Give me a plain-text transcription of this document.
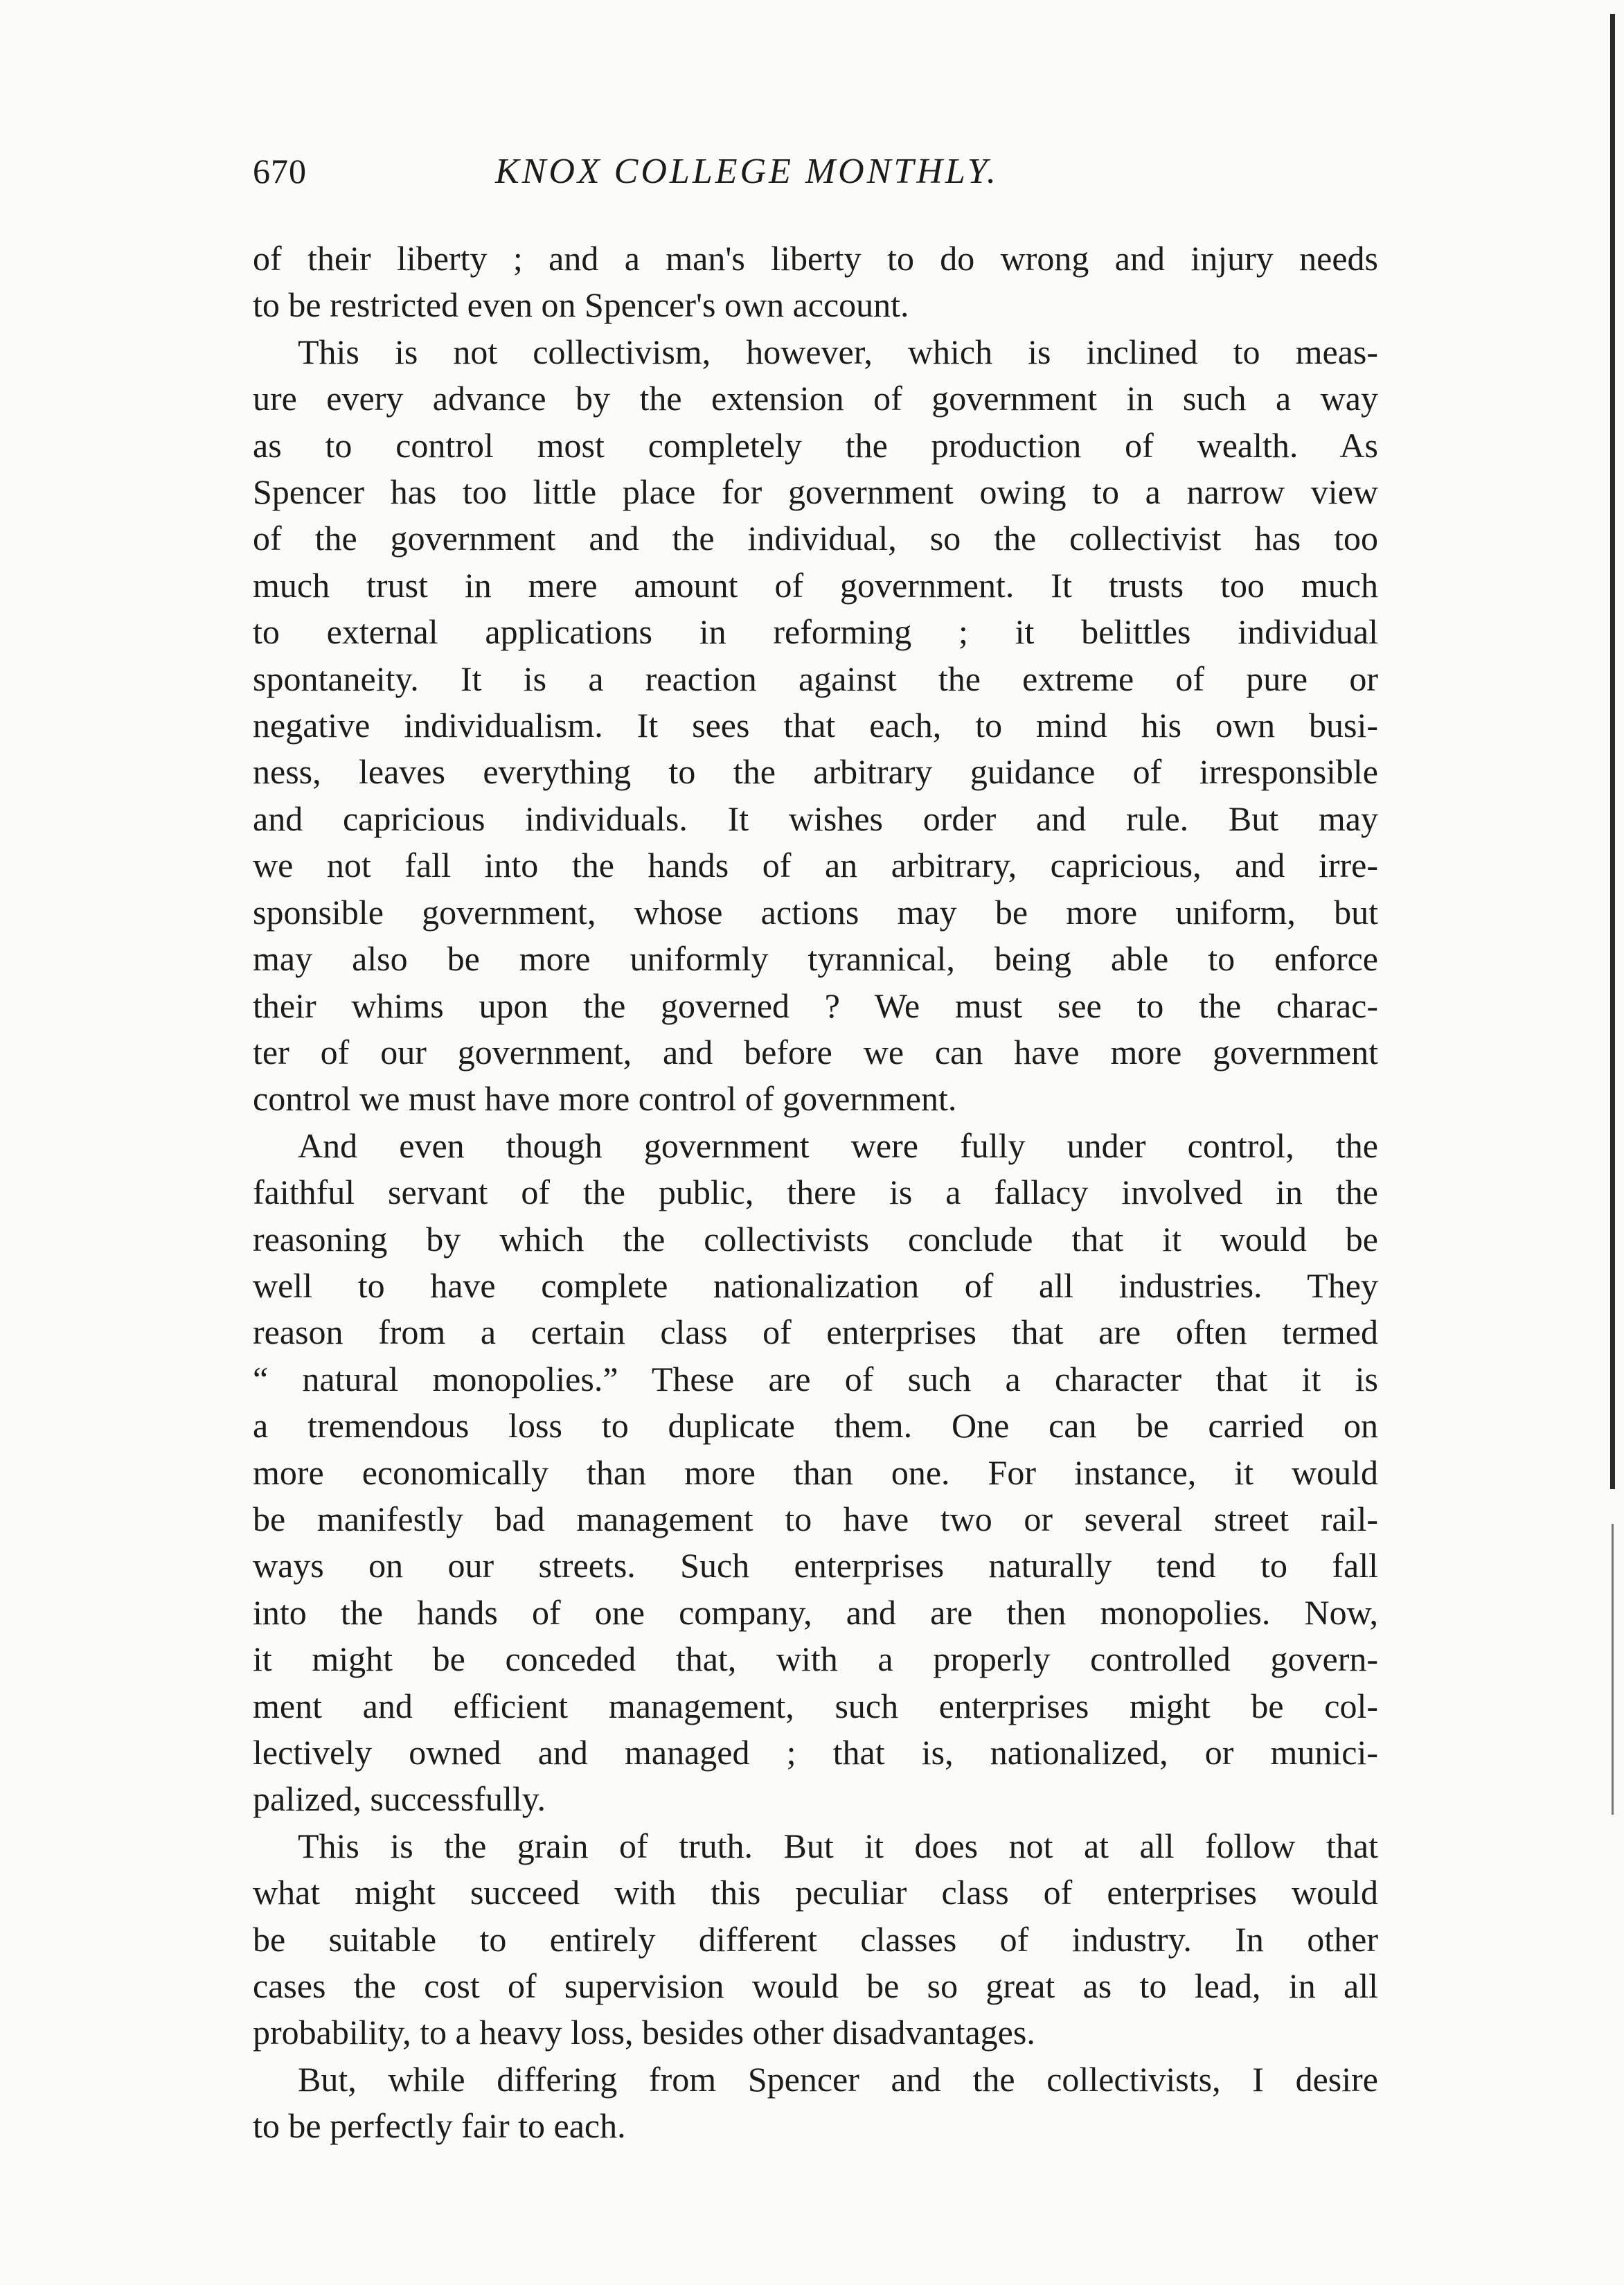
670	KNOX COLLEGE MONTHLY.
of their liberty ; and a man's liberty to do wrong and injury needs
to be restricted even on Spencer's own account.
This is not collectivism, however, which is inclined to meas-
ure every advance by the extension of government in such a way
as to control most completely the production of wealth. As
Spencer has too little place for government owing to a narrow view
of the government and the individual, so the collectivist has too
much trust in mere amount of government. It trusts too much
to external applications in reforming ; it belittles individual
spontaneity. It is a reaction against the extreme of pure or
negative individualism. It sees that each, to mind his own busi-
ness, leaves everything to the arbitrary guidance of irresponsible
and capricious individuals. It wishes order and rule. But may
we not fall into the hands of an arbitrary, capricious, and irre-
sponsible government, whose actions may be more uniform, but
may also be more uniformly tyrannical, being able to enforce
their whims upon the governed ? We must see to the charac-
ter of our government, and before we can have more government
control we must have more control of government.
And even though government were fully under control, the
faithful servant of the public, there is a fallacy involved in the
reasoning by which the collectivists conclude that it would be
well to have complete nationalization of all industries. They
reason from a certain class of enterprises that are often termed
“ natural monopolies.” These are of such a character that it is
a tremendous loss to duplicate them. One can be carried on
more economically than more than one. For instance, it would
be manifestly bad management to have two or several street rail-
ways on our streets. Such enterprises naturally tend to fall
into the hands of one company, and are then monopolies. Now,
it might be conceded that, with a properly controlled govern-
ment and efficient management, such enterprises might be col-
lectively owned and managed ; that is, nationalized, or munici-
palized, successfully.
This is the grain of truth. But it does not at all follow that
what might succeed with this peculiar class of enterprises would
be suitable to entirely different classes of industry. In other
cases the cost of supervision would be so great as to lead, in all
probability, to a heavy loss, besides other disadvantages.
But, while differing from Spencer and the collectivists, I desire
to be perfectly fair to each.
